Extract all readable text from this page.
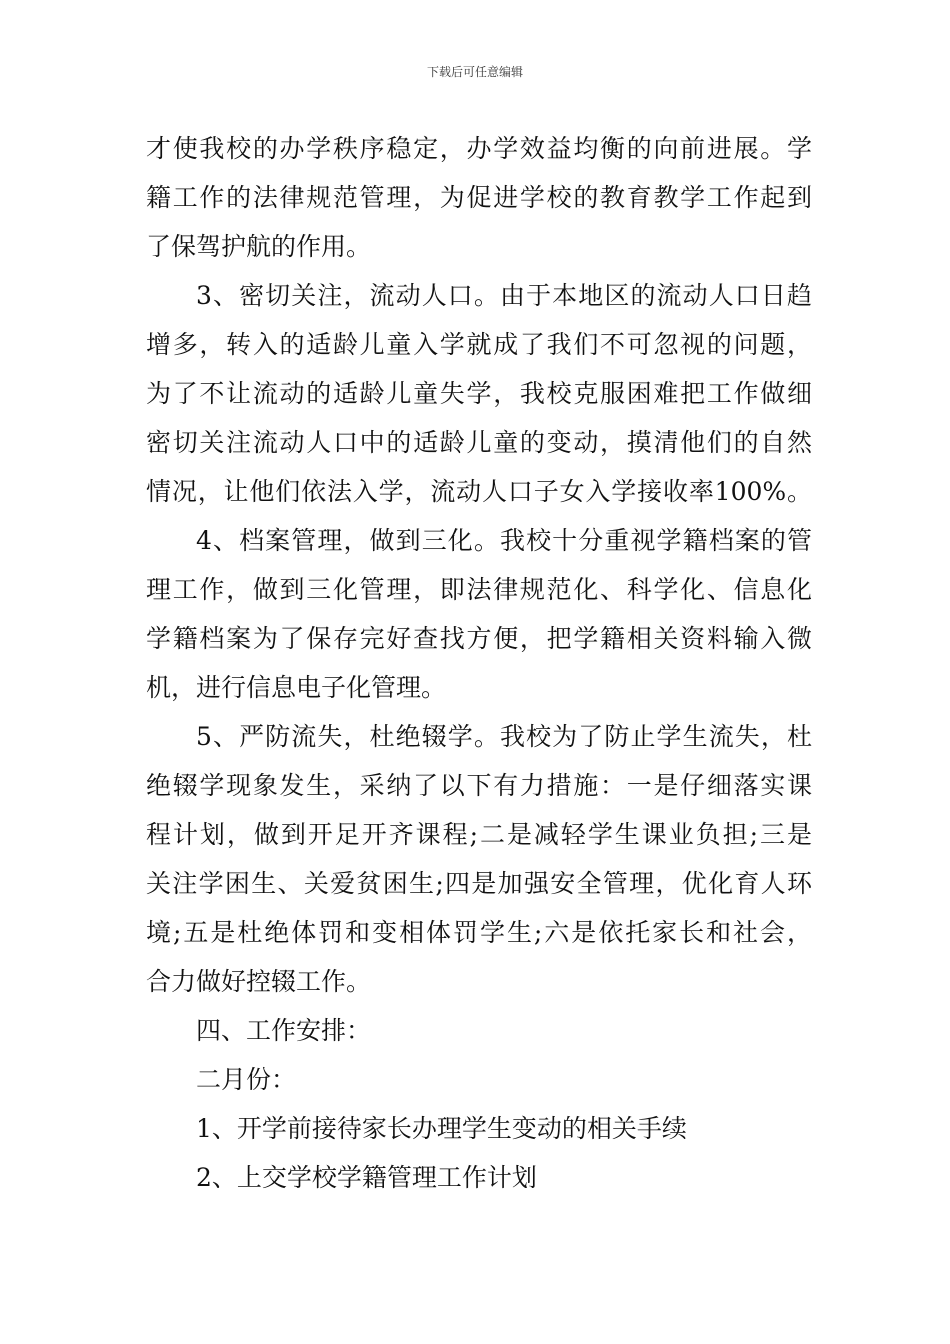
下载后可任意编辑
才使我校的办学秩序稳定，办学效益均衡的向前进展。学
籍工作的法律规范管理，为促进学校的教育教学工作起到
了保驾护航的作用。
3、密切关注，流动人口。由于本地区的流动人口日趋
增多，转入的适龄儿童入学就成了我们不可忽视的问题，
为了不让流动的适龄儿童失学，我校克服困难把工作做细
密切关注流动人口中的适龄儿童的变动，摸清他们的自然
情况，让他们依法入学，流动人口子女入学接收率100%。
4、档案管理，做到三化。我校十分重视学籍档案的管
理工作，做到三化管理，即法律规范化、科学化、信息化
学籍档案为了保存完好查找方便，把学籍相关资料输入微
机，进行信息电子化管理。
5、严防流失，杜绝辍学。我校为了防止学生流失，杜
绝辍学现象发生，采纳了以下有力措施：一是仔细落实课
程计划，做到开足开齐课程;二是减轻学生课业负担;三是
关注学困生、关爱贫困生;四是加强安全管理，优化育人环
境;五是杜绝体罚和变相体罚学生;六是依托家长和社会，
合力做好控辍工作。
四、工作安排：
二月份：
1、开学前接待家长办理学生变动的相关手续
2、上交学校学籍管理工作计划
